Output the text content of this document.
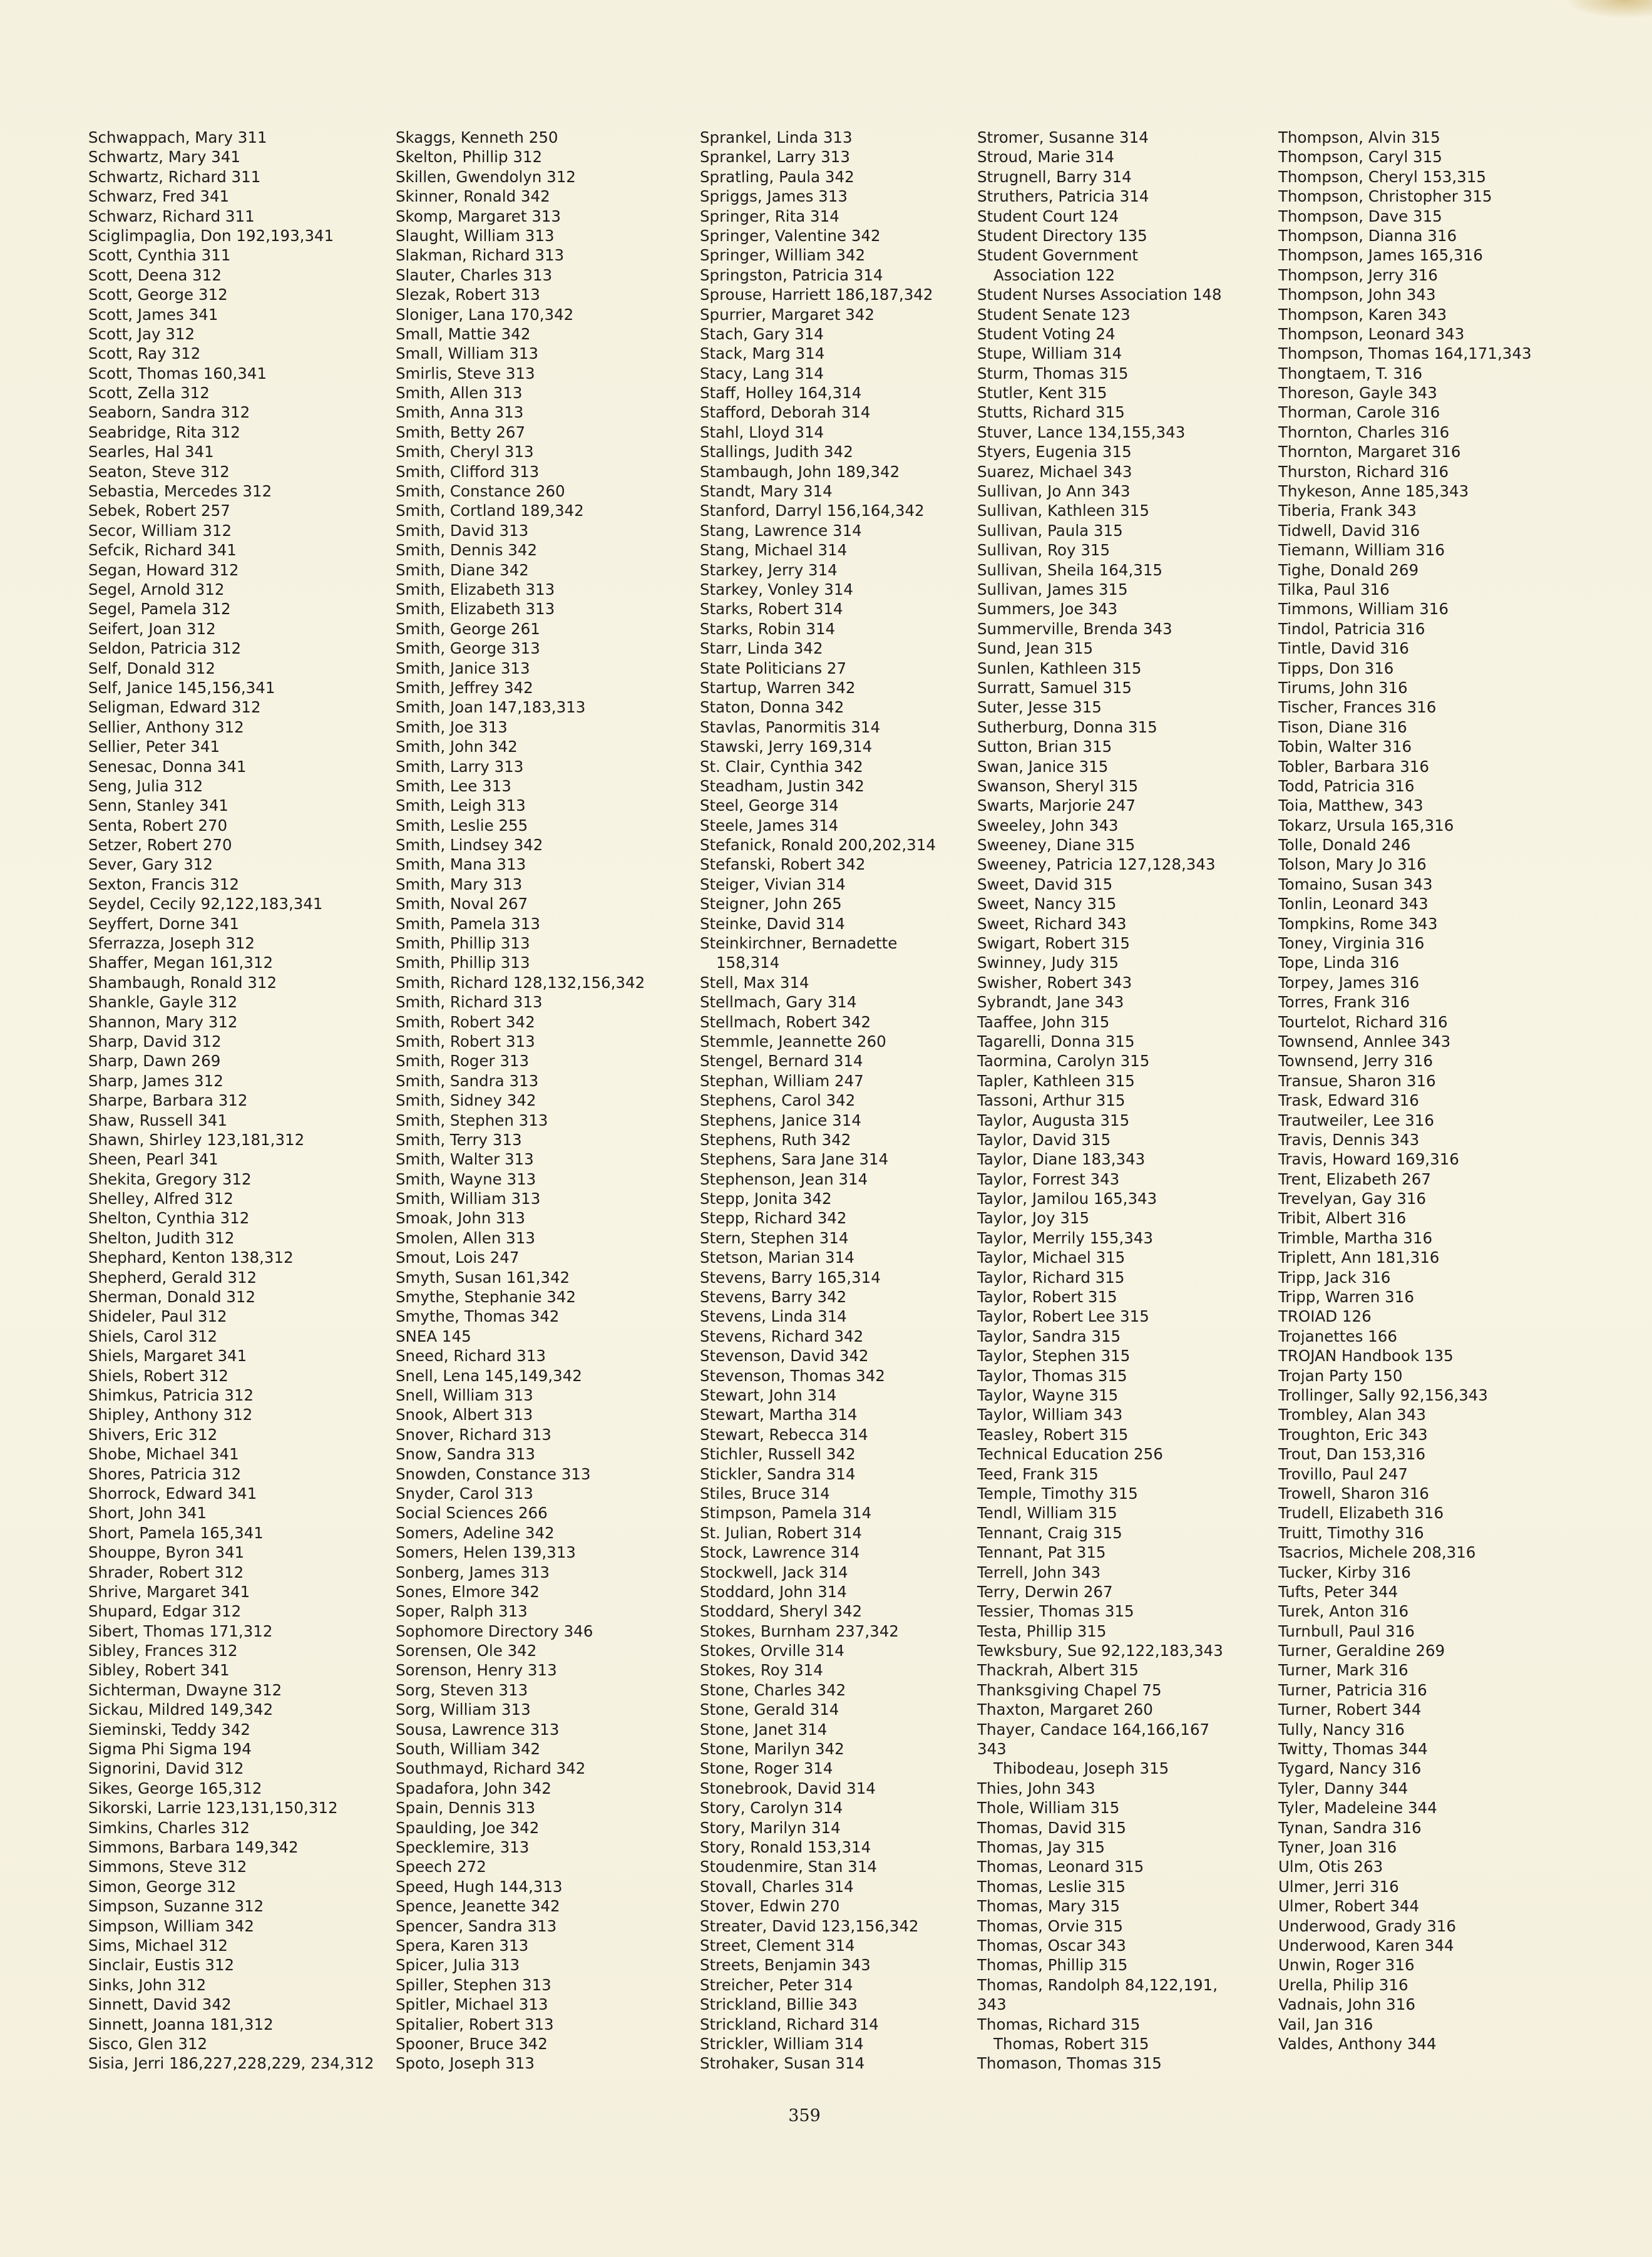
Schwappach, Mary 311
Schwartz, Mary 341
Schwartz, Richard 311
Schwarz, Fred 341
Schwarz, Richard 311
Sciglimpaglia, Don 192,193,341
Scott, Cynthia 311
Scott, Deena 312
Scott, George 312
Scott, James 341
Scott, Jay 312
Scott, Ray 312
Scott, Thomas 160,341
Scott, Zella 312
Seaborn, Sandra 312
Seabridge, Rita 312
Searles, Hal 341
Seaton, Steve 312
Sebastia, Mercedes 312
Sebek, Robert 257
Secor, William 312
Sefcik, Richard 341
Segan, Howard 312
Segel, Arnold 312
Segel, Pamela 312
Seifert, Joan 312
Seldon, Patricia 312
Self, Donald 312
Self, Janice 145,156,341
Seligman, Edward 312
Sellier, Anthony 312
Sellier, Peter 341
Senesac, Donna 341
Seng, Julia 312
Senn, Stanley 341
Senta, Robert 270
Setzer, Robert 270
Sever, Gary 312
Sexton, Francis 312
Seydel, Cecily 92,122,183,341
Seyffert, Dorne 341
Sferrazza, Joseph 312
Shaffer, Megan 161,312
Shambaugh, Ronald 312
Shankle, Gayle 312
Shannon, Mary 312
Sharp, David 312
Sharp, Dawn 269
Sharp, James 312
Sharpe, Barbara 312
Shaw, Russell 341
Shawn, Shirley 123,181,312
Sheen, Pearl 341
Shekita, Gregory 312
Shelley, Alfred 312
Shelton, Cynthia 312
Shelton, Judith 312
Shephard, Kenton 138,312
Shepherd, Gerald 312
Sherman, Donald 312
Shideler, Paul 312
Shiels, Carol 312
Shiels, Margaret 341
Shiels, Robert 312
Shimkus, Patricia 312
Shipley, Anthony 312
Shivers, Eric 312
Shobe, Michael 341
Shores, Patricia 312
Shorrock, Edward 341
Short, John 341
Short, Pamela 165,341
Shouppe, Byron 341
Shrader, Robert 312
Shrive, Margaret 341
Shupard, Edgar 312
Sibert, Thomas 171,312
Sibley, Frances 312
Sibley, Robert 341
Sichterman, Dwayne 312
Sickau, Mildred 149,342
Sieminski, Teddy 342
Sigma Phi Sigma 194
Signorini, David 312
Sikes, George 165,312
Sikorski, Larrie 123,131,150,312
Simkins, Charles 312
Simmons, Barbara 149,342
Simmons, Steve 312
Simon, George 312
Simpson, Suzanne 312
Simpson, William 342
Sims, Michael 312
Sinclair, Eustis 312
Sinks, John 312
Sinnett, David 342
Sinnett, Joanna 181,312
Sisco, Glen 312
Sisia, Jerri 186,227,228,229, 234,312
Skaggs, Kenneth 250
Skelton, Phillip 312
Skillen, Gwendolyn 312
Skinner, Ronald 342
Skomp, Margaret 313
Slaught, William 313
Slakman, Richard 313
Slauter, Charles 313
Slezak, Robert 313
Sloniger, Lana 170,342
Small, Mattie 342
Small, William 313
Smirlis, Steve 313
Smith, Allen 313
Smith, Anna 313
Smith, Betty 267
Smith, Cheryl 313
Smith, Clifford 313
Smith, Constance 260
Smith, Cortland 189,342
Smith, David 313
Smith, Dennis 342
Smith, Diane 342
Smith, Elizabeth 313
Smith, Elizabeth 313
Smith, George 261
Smith, George 313
Smith, Janice 313
Smith, Jeffrey 342
Smith, Joan 147,183,313
Smith, Joe 313
Smith, John 342
Smith, Larry 313
Smith, Lee 313
Smith, Leigh 313
Smith, Leslie 255
Smith, Lindsey 342
Smith, Mana 313
Smith, Mary 313
Smith, Noval 267
Smith, Pamela 313
Smith, Phillip 313
Smith, Phillip 313
Smith, Richard 128,132,156,342
Smith, Richard 313
Smith, Robert 342
Smith, Robert 313
Smith, Roger 313
Smith, Sandra 313
Smith, Sidney 342
Smith, Stephen 313
Smith, Terry 313
Smith, Walter 313
Smith, Wayne 313
Smith, William 313
Smoak, John 313
Smolen, Allen 313
Smout, Lois 247
Smyth, Susan 161,342
Smythe, Stephanie 342
Smythe, Thomas 342
SNEA 145
Sneed, Richard 313
Snell, Lena 145,149,342
Snell, William 313
Snook, Albert 313
Snover, Richard 313
Snow, Sandra 313
Snowden, Constance 313
Snyder, Carol 313
Social Sciences 266
Somers, Adeline 342
Somers, Helen 139,313
Sonberg, James 313
Sones, Elmore 342
Soper, Ralph 313
Sophomore Directory 346
Sorensen, Ole 342
Sorenson, Henry 313
Sorg, Steven 313
Sorg, William 313
Sousa, Lawrence 313
South, William 342
Southmayd, Richard 342
Spadafora, John 342
Spain, Dennis 313
Spaulding, Joe 342
Specklemire, 313
Speech 272
Speed, Hugh 144,313
Spence, Jeanette 342
Spencer, Sandra 313
Spera, Karen 313
Spicer, Julia 313
Spiller, Stephen 313
Spitler, Michael 313
Spitalier, Robert 313
Spooner, Bruce 342
Spoto, Joseph 313
Sprankel, Linda 313
Sprankel, Larry 313
Spratling, Paula 342
Spriggs, James 313
Springer, Rita 314
Springer, Valentine 342
Springer, William 342
Springston, Patricia 314
Sprouse, Harriett 186,187,342
Spurrier, Margaret 342
Stach, Gary 314
Stack, Marg 314
Stacy, Lang 314
Staff, Holley 164,314
Stafford, Deborah 314
Stahl, Lloyd 314
Stallings, Judith 342
Stambaugh, John 189,342
Standt, Mary 314
Stanford, Darryl 156,164,342
Stang, Lawrence 314
Stang, Michael 314
Starkey, Jerry 314
Starkey, Vonley 314
Starks, Robert 314
Starks, Robin 314
Starr, Linda 342
State Politicians 27
Startup, Warren 342
Staton, Donna 342
Stavlas, Panormitis 314
Stawski, Jerry 169,314
St. Clair, Cynthia 342
Steadham, Justin 342
Steel, George 314
Steele, James 314
Stefanick, Ronald 200,202,314
Stefanski, Robert 342
Steiger, Vivian 314
Steigner, John 265
Steinke, David 314
Steinkirchner, Bernadette
158,314
Stell, Max 314
Stellmach, Gary 314
Stellmach, Robert 342
Stemmle, Jeannette 260
Stengel, Bernard 314
Stephan, William 247
Stephens, Carol 342
Stephens, Janice 314
Stephens, Ruth 342
Stephens, Sara Jane 314
Stephenson, Jean 314
Stepp, Jonita 342
Stepp, Richard 342
Stern, Stephen 314
Stetson, Marian 314
Stevens, Barry 165,314
Stevens, Barry 342
Stevens, Linda 314
Stevens, Richard 342
Stevenson, David 342
Stevenson, Thomas 342
Stewart, John 314
Stewart, Martha 314
Stewart, Rebecca 314
Stichler, Russell 342
Stickler, Sandra 314
Stiles, Bruce 314
Stimpson, Pamela 314
St. Julian, Robert 314
Stock, Lawrence 314
Stockwell, Jack 314
Stoddard, John 314
Stoddard, Sheryl 342
Stokes, Burnham 237,342
Stokes, Orville 314
Stokes, Roy 314
Stone, Charles 342
Stone, Gerald 314
Stone, Janet 314
Stone, Marilyn 342
Stone, Roger 314
Stonebrook, David 314
Story, Carolyn 314
Story, Marilyn 314
Story, Ronald 153,314
Stoudenmire, Stan 314
Stovall, Charles 314
Stover, Edwin 270
Streater, David 123,156,342
Street, Clement 314
Streets, Benjamin 343
Streicher, Peter 314
Strickland, Billie 343
Strickland, Richard 314
Strickler, William 314
Strohaker, Susan 314
Stromer, Susanne 314
Stroud, Marie 314
Strugnell, Barry 314
Struthers, Patricia 314
Student Court 124
Student Directory 135
Student Government
Association 122
Student Nurses Association 148
Student Senate 123
Student Voting 24
Stupe, William 314
Sturm, Thomas 315
Stutler, Kent 315
Stutts, Richard 315
Stuver, Lance 134,155,343
Styers, Eugenia 315
Suarez, Michael 343
Sullivan, Jo Ann 343
Sullivan, Kathleen 315
Sullivan, Paula 315
Sullivan, Roy 315
Sullivan, Sheila 164,315
Sullivan, James 315
Summers, Joe 343
Summerville, Brenda 343
Sund, Jean 315
Sunlen, Kathleen 315
Surratt, Samuel 315
Suter, Jesse 315
Sutherburg, Donna 315
Sutton, Brian 315
Swan, Janice 315
Swanson, Sheryl 315
Swarts, Marjorie 247
Sweeley, John 343
Sweeney, Diane 315
Sweeney, Patricia 127,128,343
Sweet, David 315
Sweet, Nancy 315
Sweet, Richard 343
Swigart, Robert 315
Swinney, Judy 315
Swisher, Robert 343
Sybrandt, Jane 343
Taaffee, John 315
Tagarelli, Donna 315
Taormina, Carolyn 315
Tapler, Kathleen 315
Tassoni, Arthur 315
Taylor, Augusta 315
Taylor, David 315
Taylor, Diane 183,343
Taylor, Forrest 343
Taylor, Jamilou 165,343
Taylor, Joy 315
Taylor, Merrily 155,343
Taylor, Michael 315
Taylor, Richard 315
Taylor, Robert 315
Taylor, Robert Lee 315
Taylor, Sandra 315
Taylor, Stephen 315
Taylor, Thomas 315
Taylor, Wayne 315
Taylor, William 343
Teasley, Robert 315
Technical Education 256
Teed, Frank 315
Temple, Timothy 315
Tendl, William 315
Tennant, Craig 315
Tennant, Pat 315
Terrell, John 343
Terry, Derwin 267
Tessier, Thomas 315
Testa, Phillip 315
Tewksbury, Sue 92,122,183,343
Thackrah, Albert 315
Thanksgiving Chapel 75
Thaxton, Margaret 260
Thayer, Candace 164,166,167
343
Thibodeau, Joseph 315
Thies, John 343
Thole, William 315
Thomas, David 315
Thomas, Jay 315
Thomas, Leonard 315
Thomas, Leslie 315
Thomas, Mary 315
Thomas, Orvie 315
Thomas, Oscar 343
Thomas, Phillip 315
Thomas, Randolph 84,122,191,
343
Thomas, Richard 315
Thomas, Robert 315
Thomason, Thomas 315
Thompson, Alvin 315
Thompson, Caryl 315
Thompson, Cheryl 153,315
Thompson, Christopher 315
Thompson, Dave 315
Thompson, Dianna 316
Thompson, James 165,316
Thompson, Jerry 316
Thompson, John 343
Thompson, Karen 343
Thompson, Leonard 343
Thompson, Thomas 164,171,343
Thongtaem, T. 316
Thoreson, Gayle 343
Thorman, Carole 316
Thornton, Charles 316
Thornton, Margaret 316
Thurston, Richard 316
Thykeson, Anne 185,343
Tiberia, Frank 343
Tidwell, David 316
Tiemann, William 316
Tighe, Donald 269
Tilka, Paul 316
Timmons, William 316
Tindol, Patricia 316
Tintle, David 316
Tipps, Don 316
Tirums, John 316
Tischer, Frances 316
Tison, Diane 316
Tobin, Walter 316
Tobler, Barbara 316
Todd, Patricia 316
Toia, Matthew, 343
Tokarz, Ursula 165,316
Tolle, Donald 246
Tolson, Mary Jo 316
Tomaino, Susan 343
Tonlin, Leonard 343
Tompkins, Rome 343
Toney, Virginia 316
Tope, Linda 316
Torpey, James 316
Torres, Frank 316
Tourtelot, Richard 316
Townsend, Annlee 343
Townsend, Jerry 316
Transue, Sharon 316
Trask, Edward 316
Trautweiler, Lee 316
Travis, Dennis 343
Travis, Howard 169,316
Trent, Elizabeth 267
Trevelyan, Gay 316
Tribit, Albert 316
Trimble, Martha 316
Triplett, Ann 181,316
Tripp, Jack 316
Tripp, Warren 316
TROIAD 126
Trojanettes 166
TROJAN Handbook 135
Trojan Party 150
Trollinger, Sally 92,156,343
Trombley, Alan 343
Troughton, Eric 343
Trout, Dan 153,316
Trovillo, Paul 247
Trowell, Sharon 316
Trudell, Elizabeth 316
Truitt, Timothy 316
Tsacrios, Michele 208,316
Tucker, Kirby 316
Tufts, Peter 344
Turek, Anton 316
Turnbull, Paul 316
Turner, Geraldine 269
Turner, Mark 316
Turner, Patricia 316
Turner, Robert 344
Tully, Nancy 316
Twitty, Thomas 344
Tygard, Nancy 316
Tyler, Danny 344
Tyler, Madeleine 344
Tynan, Sandra 316
Tyner, Joan 316
Ulm, Otis 263
Ulmer, Jerri 316
Ulmer, Robert 344
Underwood, Grady 316
Underwood, Karen 344
Unwin, Roger 316
Urella, Philip 316
Vadnais, John 316
Vail, Jan 316
Valdes, Anthony 344
359
